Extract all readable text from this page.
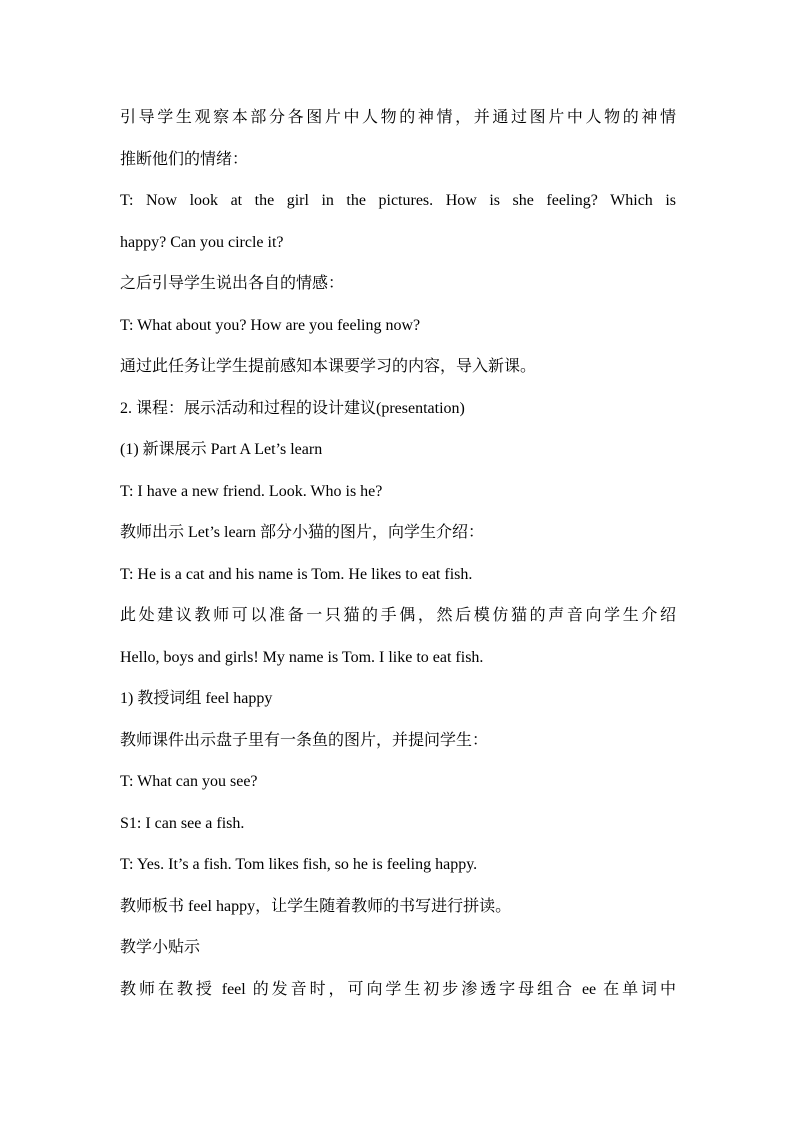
引导学生观察本部分各图片中人物的神情，并通过图片中人物的神情
推断他们的情绪：
T: Now look at the girl in the pictures. How is she feeling? Which is
happy? Can you circle it?
之后引导学生说出各自的情感：
T: What about you? How are you feeling now?
通过此任务让学生提前感知本课要学习的内容，导入新课。
2. 课程：展示活动和过程的设计建议(presentation)
(1) 新课展示 Part A Let’s learn
T: I have a new friend. Look. Who is he?
教师出示 Let’s learn 部分小猫的图片，向学生介绍：
T: He is a cat and his name is Tom. He likes to eat fish.
此处建议教师可以准备一只猫的手偶，然后模仿猫的声音向学生介绍
Hello, boys and girls! My name is Tom. I like to eat fish.
1) 教授词组 feel happy
教师课件出示盘子里有一条鱼的图片，并提问学生：
T: What can you see?
S1: I can see a fish.
T: Yes. It’s a fish. Tom likes fish, so he is feeling happy.
教师板书 feel happy，让学生随着教师的书写进行拼读。
教学小贴示
教师在教授 feel 的发音时，可向学生初步渗透字母组合 ee 在单词中
